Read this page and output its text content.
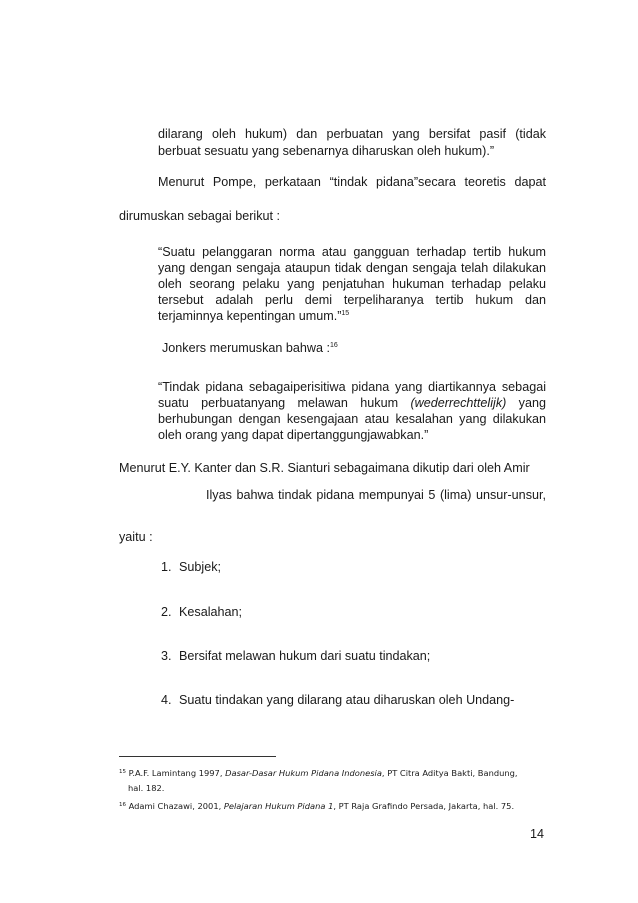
dilarang oleh hukum) dan perbuatan yang bersifat pasif (tidak
berbuat sesuatu yang sebenarnya diharuskan oleh hukum).”
Menurut Pompe, perkataan “tindak pidana”secara teoretis dapat
dirumuskan sebagai berikut :
“Suatu pelanggaran norma atau gangguan terhadap tertib hukum
yang dengan sengaja ataupun tidak dengan sengaja telah dilakukan
oleh seorang pelaku yang penjatuhan hukuman terhadap pelaku
tersebut adalah perlu demi terpeliharanya tertib hukum dan
terjaminnya kepentingan umum.”$^{15}$
Jonkers merumuskan bahwa :$^{16}$
“Tindak pidana sebagaiperisitiwa pidana yang diartikannya sebagai
suatu perbuatanyang melawan hukum (wederrechttelijk) yang
berhubungan dengan kesengajaan atau kesalahan yang dilakukan
oleh orang yang dapat dipertanggungjawabkan.”
Menurut E.Y. Kanter dan S.R. Sianturi sebagaimana dikutip dari oleh Amir
Ilyas bahwa tindak pidana mempunyai 5 (lima) unsur-unsur,
yaitu :
1. Subjek;
2. Kesalahan;
3. Bersifat melawan hukum dari suatu tindakan;
4. Suatu tindakan yang dilarang atau diharuskan oleh Undang-
$^{15}$ P.A.F. Lamintang 1997, Dasar-Dasar Hukum Pidana Indonesia, PT Citra Aditya Bakti, Bandung,
hal. 182.
$^{16}$ Adami Chazawi, 2001, Pelajaran Hukum Pidana 1, PT Raja Grafindo Persada, Jakarta, hal. 75.
14
